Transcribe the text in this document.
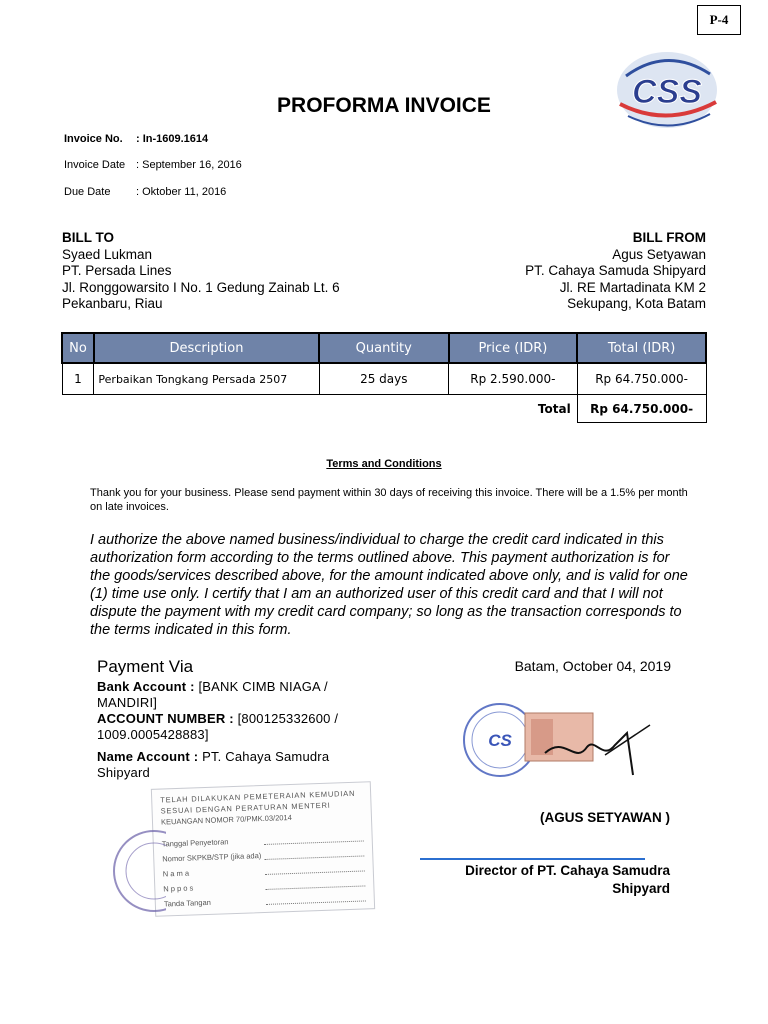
P-4
CSS
PROFORMA INVOICE
Invoice No. : In-1609.1614
Invoice Date : September 16, 2016
Due Date : Oktober 11, 2016
BILL TO
Syaed Lukman
PT. Persada Lines
Jl. Ronggowarsito I No. 1 Gedung Zainab Lt. 6
Pekanbaru, Riau
BILL FROM
Agus Setyawan
PT. Cahaya Samuda Shipyard
Jl. RE Martadinata KM 2
Sekupang, Kota Batam
No	Description	Quantity	Price (IDR)	Total (IDR)
1	Perbaikan Tongkang Persada 2507	25 days	Rp 2.590.000-	Rp 64.750.000-
			Total	Rp 64.750.000-
Terms and Conditions
Thank you for your business. Please send payment within 30 days of receiving this invoice. There will be a 1.5% per month on late invoices.
I authorize the above named business/individual to charge the credit card indicated in this authorization form according to the terms outlined above. This payment authorization is for the goods/services described above, for the amount indicated above only, and is valid for one (1) time use only. I certify that I am an authorized user of this credit card and that I will not dispute the payment with my credit card company; so long as the transaction corresponds to the terms indicated in this form.
Payment Via
Bank Account : [BANK CIMB NIAGA / MANDIRI]
ACCOUNT NUMBER : [800125332600 / 1009.0005428883]
Name Account : PT. Cahaya Samudra Shipyard
Batam, October 04, 2019
CS
TELAH DILAKUKAN PEMETERAIAN KEMUDIAN
SESUAI DENGAN PERATURAN MENTERI
KEUANGAN NOMOR 70/PMK.03/2014
Tanggal Penyetoran
Nomor SKPKB/STP (jika ada)
N a m a
N p p o s
Tanda Tangan
(AGUS SETYAWAN )
Director of PT. Cahaya Samudra
Shipyard
